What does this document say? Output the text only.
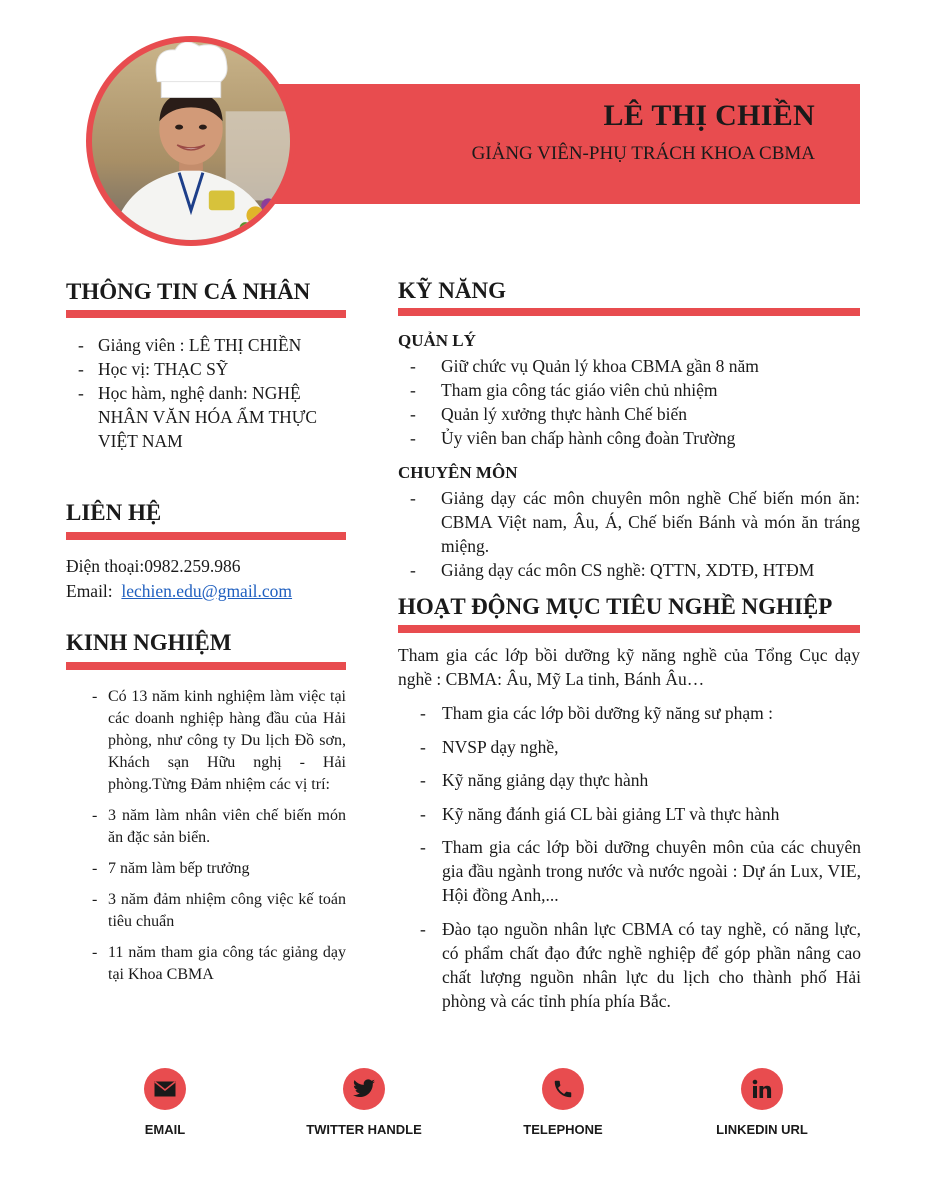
LÊ THỊ CHIỀN
GIẢNG VIÊN-PHỤ TRÁCH KHOA CBMA
THÔNG TIN CÁ NHÂN
- Giảng viên : LÊ THỊ CHIỀN
- Học vị: THẠC SỸ
- Học hàm, nghệ danh: NGHỆ NHÂN VĂN HÓA ẨM THỰC VIỆT NAM
LIÊN HỆ
Điện thoại:0982.259.986
Email: lechien.edu@gmail.com
KINH NGHIỆM
- Có 13 năm kinh nghiệm làm việc tại các doanh nghiệp hàng đầu của Hải phòng, như công ty Du lịch Đồ sơn, Khách sạn Hữu nghị - Hải phòng.Từng Đảm nhiệm các vị trí:
- 3 năm làm nhân viên chế biến món ăn đặc sản biển.
- 7 năm làm bếp trưởng
- 3 năm đảm nhiệm công việc kế toán tiêu chuẩn
- 11 năm tham gia công tác giảng dạy tại Khoa CBMA
KỸ NĂNG
QUẢN LÝ
- Giữ chức vụ Quản lý khoa CBMA gần 8 năm
- Tham gia công tác giáo viên chủ nhiệm
- Quản lý xưởng thực hành Chế biến
- Ủy viên ban chấp hành công đoàn Trường
CHUYÊN MÔN
- Giảng dạy các môn chuyên môn nghề Chế biến món ăn: CBMA Việt nam, Âu, Á, Chế biến Bánh và món ăn tráng miệng.
- Giảng dạy các môn CS nghề: QTTN, XDTĐ, HTĐM
HOẠT ĐỘNG MỤC TIÊU NGHỀ NGHIỆP
Tham gia các lớp bồi dưỡng kỹ năng nghề của Tổng Cục dạy nghề : CBMA: Âu, Mỹ La tinh, Bánh Âu…
- Tham gia các lớp bồi dưỡng kỹ năng sư phạm :
- NVSP dạy nghề,
- Kỹ năng giảng dạy thực hành
- Kỹ năng đánh giá CL bài giảng LT và thực hành
- Tham gia các lớp bồi dưỡng chuyên môn của các chuyên gia đầu ngành trong nước và nước ngoài : Dự án Lux, VIE, Hội đồng Anh,...
- Đào tạo nguồn nhân lực CBMA có tay nghề, có năng lực, có phẩm chất đạo đức nghề nghiệp để góp phần nâng cao chất lượng nguồn nhân lực du lịch cho thành phố Hải phòng và các tỉnh phía phía Bắc.
EMAIL	TWITTER HANDLE	TELEPHONE	LINKEDIN URL
